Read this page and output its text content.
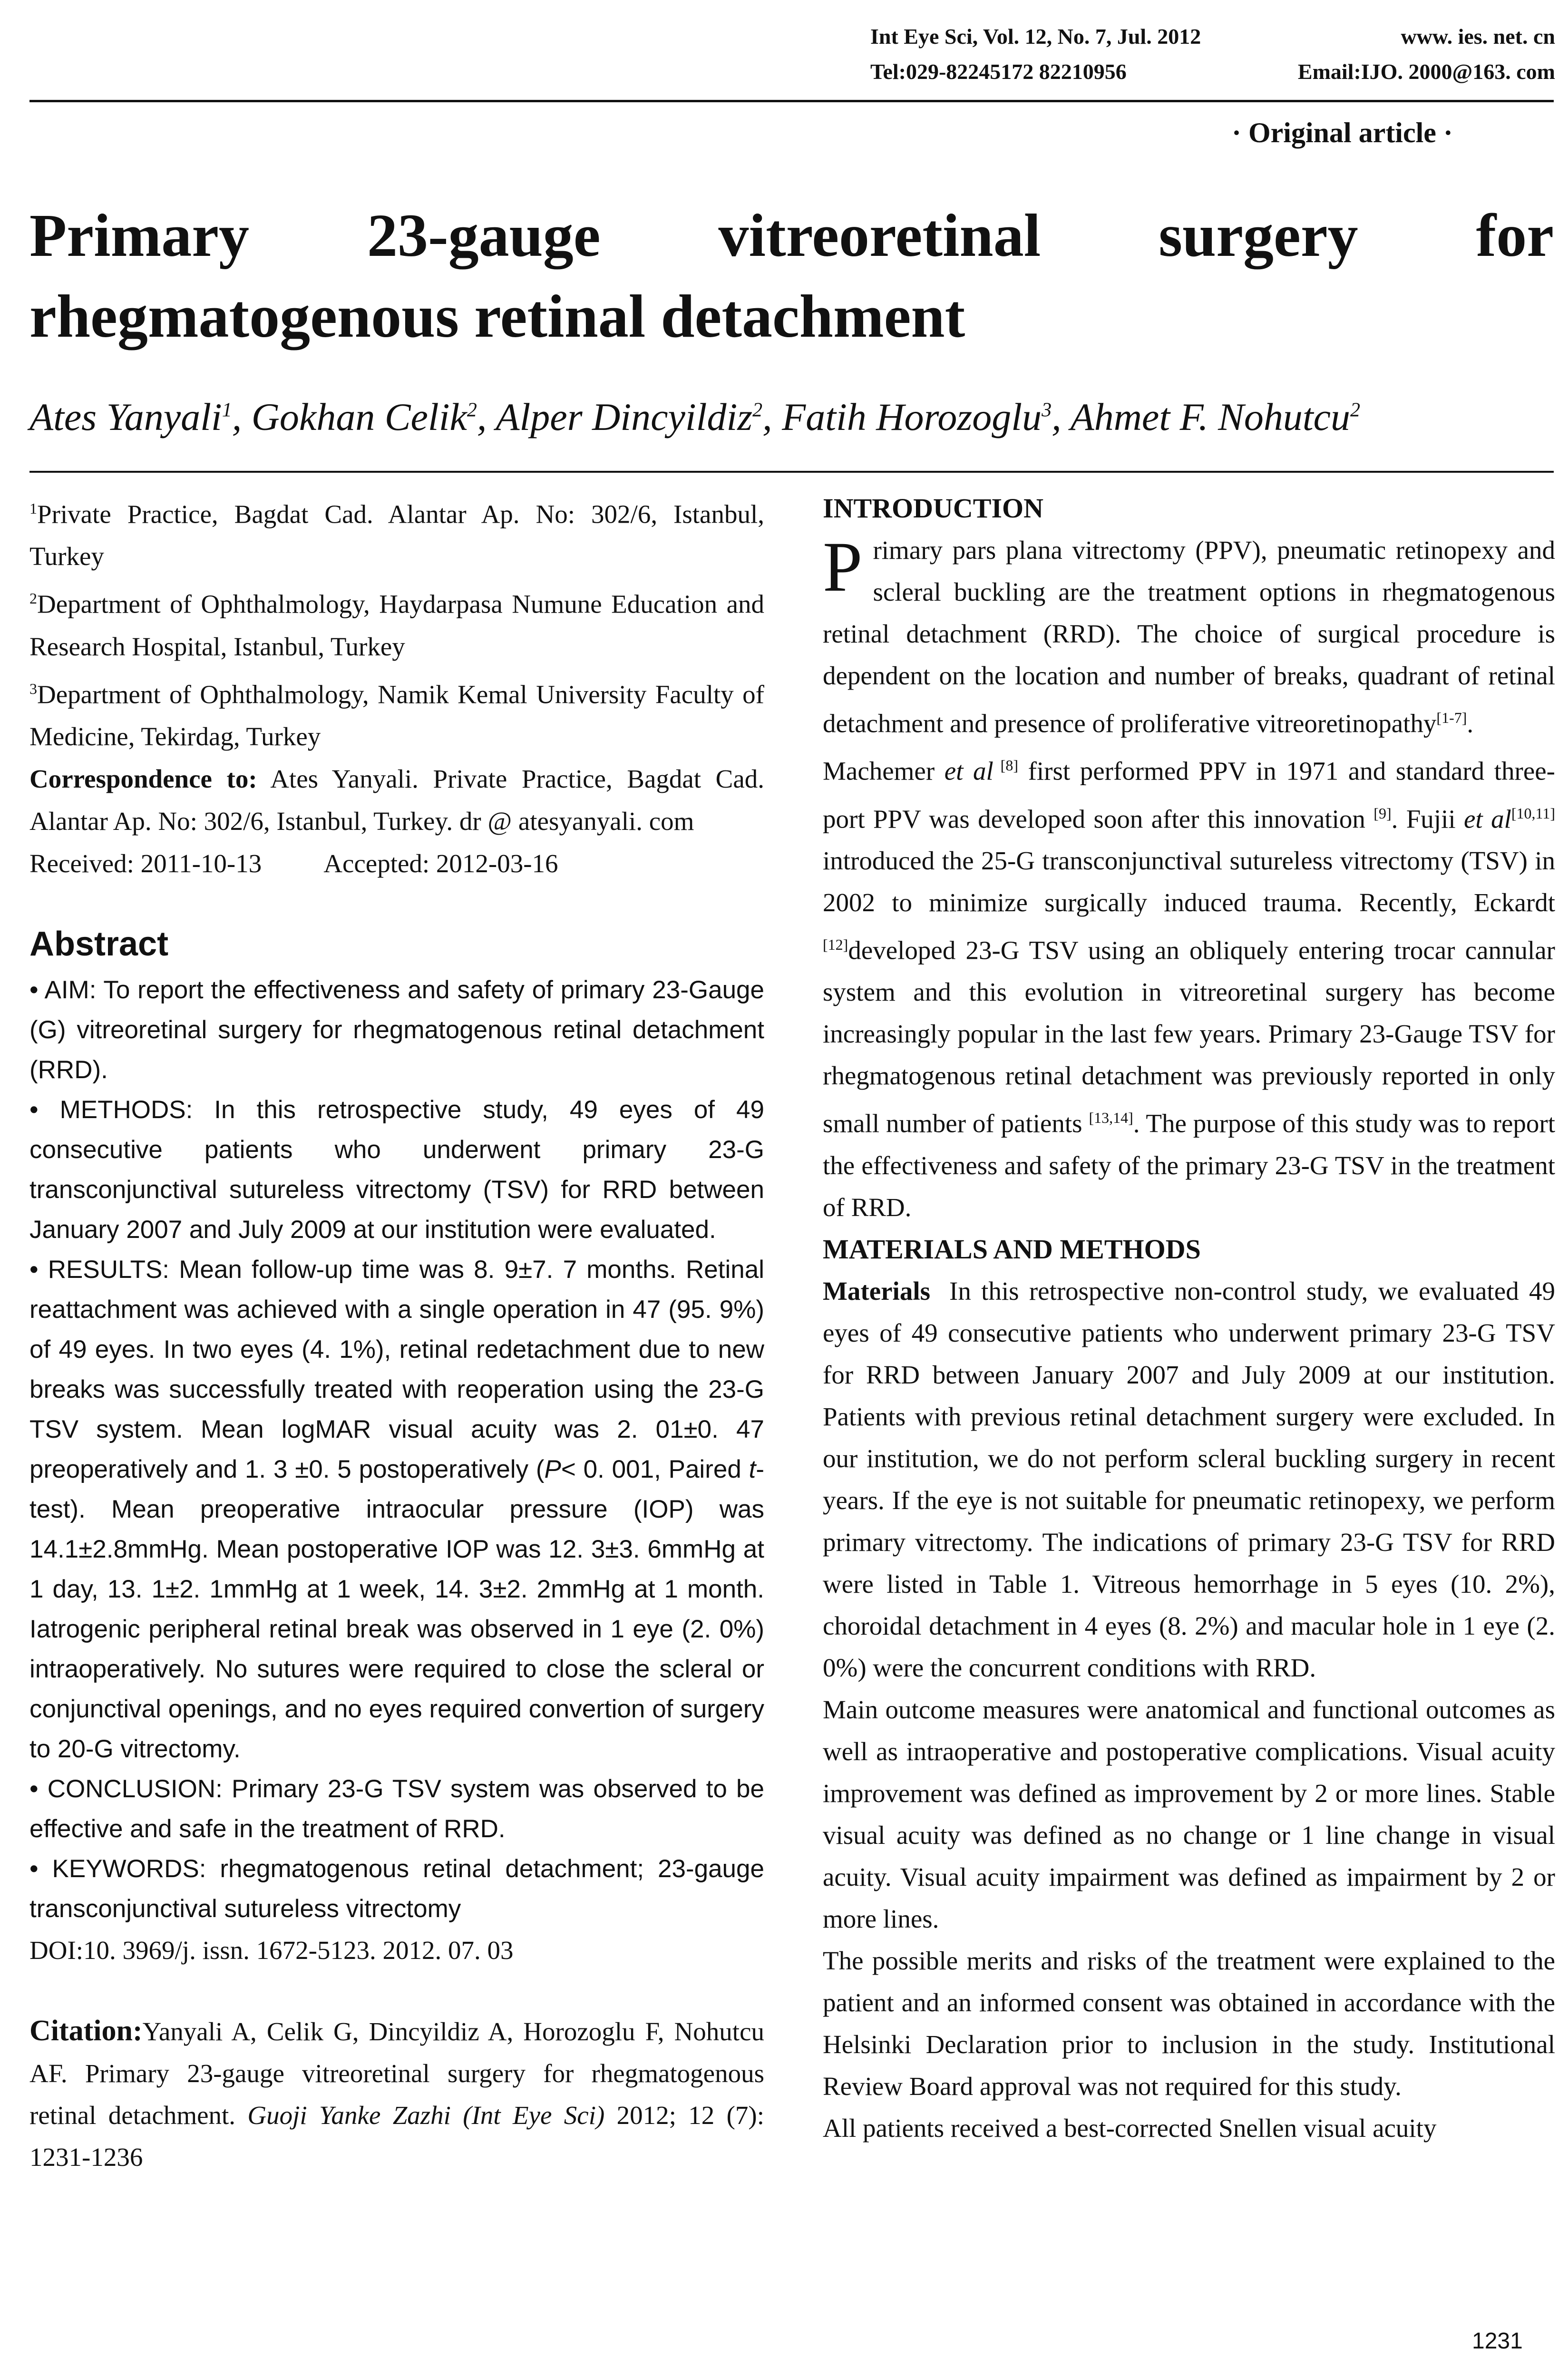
Int Eye Sci, Vol. 12, No. 7, Jul. 2012	www. ies. net. cn
Tel:029-82245172 82210956	Email:IJO. 2000@163. com
· Original article ·
Primary 23-gauge vitreoretinal surgery for
rhegmatogenous retinal detachment
Ates Yanyali$^1$, Gokhan Celik$^2$, Alper Dincyildiz$^2$, Fatih Horozoglu$^3$, Ahmet F. Nohutcu$^2$

$^1$Private Practice, Bagdat Cad. Alantar Ap. No: 302/6, Istanbul, Turkey

$^2$Department of Ophthalmology, Haydarpasa Numune Education and Research Hospital, Istanbul, Turkey

$^3$Department of Ophthalmology, Namik Kemal University Faculty of Medicine, Tekirdag, Turkey

Correspondence to: Ates Yanyali. Private Practice, Bagdat Cad. Alantar Ap. No: 302/6, Istanbul, Turkey. dr @ atesyanyali. com

Received: 2011-10-13 Accepted: 2012-03-16

Abstract

• AIM: To report the effectiveness and safety of primary 23-Gauge (G) vitreoretinal surgery for rhegmatogenous retinal detachment (RRD).

• METHODS: In this retrospective study, 49 eyes of 49 consecutive patients who underwent primary 23-G transconjunctival sutureless vitrectomy (TSV) for RRD between January 2007 and July 2009 at our institution were evaluated.

• RESULTS: Mean follow-up time was 8. 9±7. 7 months. Retinal reattachment was achieved with a single operation in 47 (95. 9%) of 49 eyes. In two eyes (4. 1%), retinal redetachment due to new breaks was successfully treated with reoperation using the 23-G TSV system. Mean logMAR visual acuity was 2. 01±0. 47 preoperatively and 1. 3 ±0. 5 postoperatively (P< 0. 001, Paired t-test). Mean preoperative intraocular pressure (IOP) was 14.1±2.8mmHg. Mean postoperative IOP was 12. 3±3. 6mmHg at 1 day, 13. 1±2. 1mmHg at 1 week, 14. 3±2. 2mmHg at 1 month. Iatrogenic peripheral retinal break was observed in 1 eye (2. 0%) intraoperatively. No sutures were required to close the scleral or conjunctival openings, and no eyes required convertion of surgery to 20-G vitrectomy.

• CONCLUSION: Primary 23-G TSV system was observed to be effective and safe in the treatment of RRD.

• KEYWORDS: rhegmatogenous retinal detachment; 23-gauge transconjunctival sutureless vitrectomy

DOI:10. 3969/j. issn. 1672-5123. 2012. 07. 03

Citation:Yanyali A, Celik G, Dincyildiz A, Horozoglu F, Nohutcu AF. Primary 23-gauge vitreoretinal surgery for rhegmatogenous retinal detachment. Guoji Yanke Zazhi (Int Eye Sci) 2012; 12 (7): 1231-1236

INTRODUCTION

Primary pars plana vitrectomy (PPV), pneumatic retinopexy and scleral buckling are the treatment options in rhegmatogenous retinal detachment (RRD). The choice of surgical procedure is dependent on the location and number of breaks, quadrant of retinal detachment and presence of proliferative vitreoretinopathy[1-7].

Machemer et al [8] first performed PPV in 1971 and standard three-port PPV was developed soon after this innovation [9]. Fujii et al[10,11] introduced the 25-G transconjunctival sutureless vitrectomy (TSV) in 2002 to minimize surgically induced trauma. Recently, Eckardt [12]developed 23-G TSV using an obliquely entering trocar cannular system and this evolution in vitreoretinal surgery has become increasingly popular in the last few years. Primary 23-Gauge TSV for rhegmatogenous retinal detachment was previously reported in only small number of patients [13,14]. The purpose of this study was to report the effectiveness and safety of the primary 23-G TSV in the treatment of RRD.

MATERIALS AND METHODS

Materials In this retrospective non-control study, we evaluated 49 eyes of 49 consecutive patients who underwent primary 23-G TSV for RRD between January 2007 and July 2009 at our institution. Patients with previous retinal detachment surgery were excluded. In our institution, we do not perform scleral buckling surgery in recent years. If the eye is not suitable for pneumatic retinopexy, we perform primary vitrectomy. The indications of primary 23-G TSV for RRD were listed in Table 1. Vitreous hemorrhage in 5 eyes (10. 2%), choroidal detachment in 4 eyes (8. 2%) and macular hole in 1 eye (2. 0%) were the concurrent conditions with RRD.

Main outcome measures were anatomical and functional outcomes as well as intraoperative and postoperative complications. Visual acuity improvement was defined as improvement by 2 or more lines. Stable visual acuity was defined as no change or 1 line change in visual acuity. Visual acuity impairment was defined as impairment by 2 or more lines.

The possible merits and risks of the treatment were explained to the patient and an informed consent was obtained in accordance with the Helsinki Declaration prior to inclusion in the study. Institutional Review Board approval was not required for this study.

All patients received a best-corrected Snellen visual acuity

1231
